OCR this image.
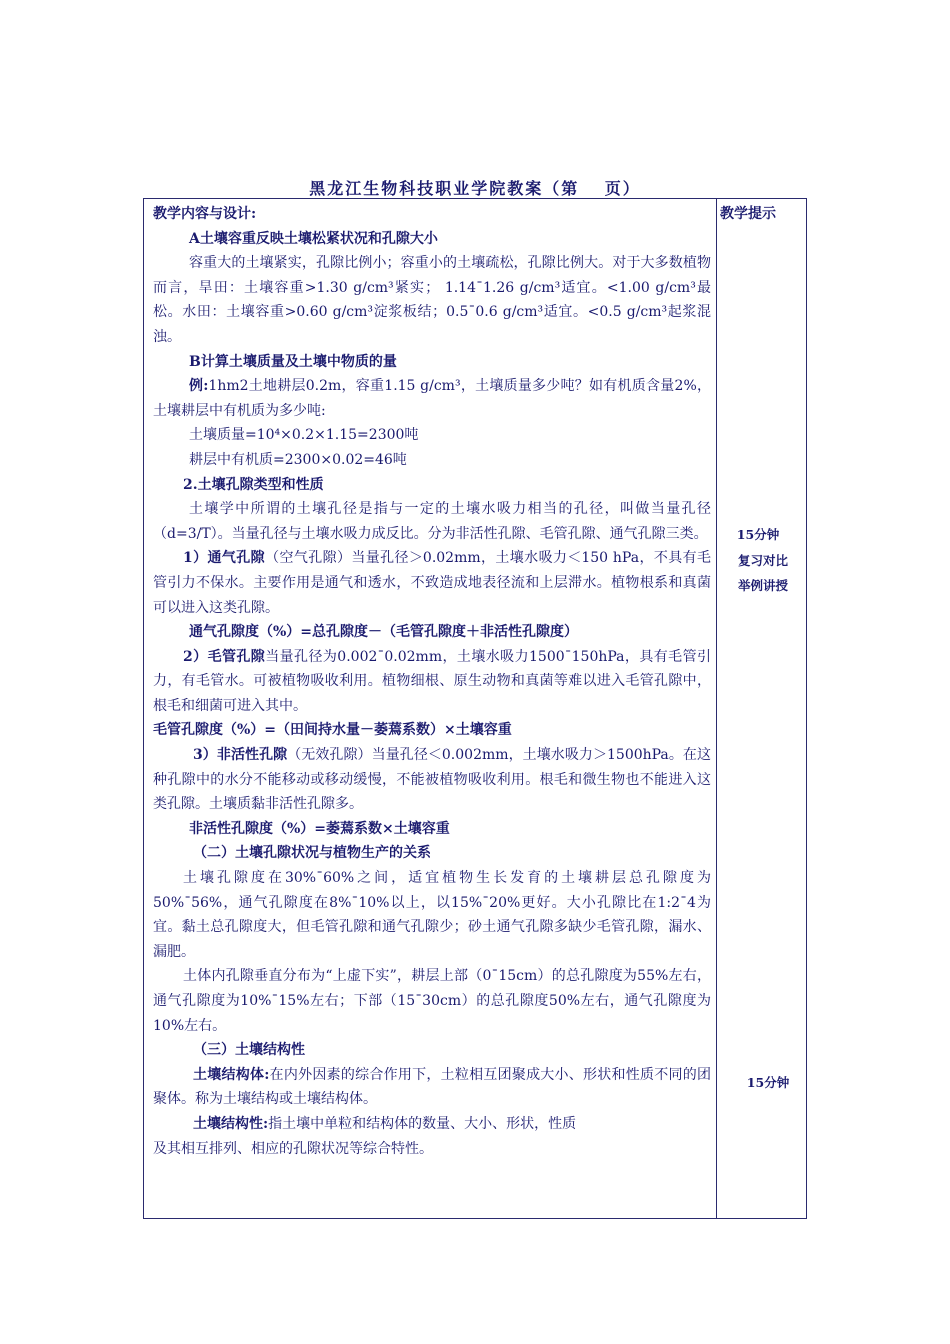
黑龙江生物科技职业学院教案（第　 页）
教学提示
15分钟
复习对比
举例讲授
15分钟

教学内容与设计:

A土壤容重反映土壤松紧状况和孔隙大小

容重大的土壤紧实，孔隙比例小；容重小的土壤疏松，孔隙比例大。对于大多数植物而言，旱田：土壤容重>1.30 g/cm³紧实； 1.14¯1.26 g/cm³适宜。<1.00 g/cm³最松。水田：土壤容重>0.60 g/cm³淀浆板结；0.5¯0.6 g/cm³适宜。<0.5 g/cm³起浆混浊。

B计算土壤质量及土壤中物质的量

例:1hm2土地耕层0.2m，容重1.15 g/cm³，土壤质量多少吨？如有机质含量2%，土壤耕层中有机质为多少吨:

土壤质量=10⁴×0.2×1.15=2300吨

耕层中有机质=2300×0.02=46吨

2.土壤孔隙类型和性质

土壤学中所谓的土壤孔径是指与一定的土壤水吸力相当的孔径，叫做当量孔径（d=3/T）。当量孔径与土壤水吸力成反比。分为非活性孔隙、毛管孔隙、通气孔隙三类。

1）通气孔隙（空气孔隙）当量孔径＞0.02mm，土壤水吸力＜150 hPa，不具有毛管引力不保水。主要作用是通气和透水，不致造成地表径流和上层滞水。植物根系和真菌可以进入这类孔隙。

通气孔隙度（%）=总孔隙度－（毛管孔隙度＋非活性孔隙度）

2）毛管孔隙当量孔径为0.002¯0.02mm，土壤水吸力1500¯150hPa，具有毛管引力，有毛管水。可被植物吸收利用。植物细根、原生动物和真菌等难以进入毛管孔隙中，根毛和细菌可进入其中。

毛管孔隙度（%）=（田间持水量－萎蔫系数）×土壤容重

3）非活性孔隙（无效孔隙）当量孔径＜0.002mm，土壤水吸力＞1500hPa。在这种孔隙中的水分不能移动或移动缓慢，不能被植物吸收利用。根毛和微生物也不能进入这类孔隙。土壤质黏非活性孔隙多。

非活性孔隙度（%）=萎蔫系数×土壤容重

（二）土壤孔隙状况与植物生产的关系

土壤孔隙度在30%¯60%之间，适宜植物生长发育的土壤耕层总孔隙度为50%¯56%，通气孔隙度在8%¯10%以上，以15%¯20%更好。大小孔隙比在1:2¯4为宜。黏土总孔隙度大，但毛管孔隙和通气孔隙少；砂土通气孔隙多缺少毛管孔隙，漏水、漏肥。

土体内孔隙垂直分布为“上虚下实”，耕层上部（0¯15cm）的总孔隙度为55%左右，通气孔隙度为10%¯15%左右；下部（15¯30cm）的总孔隙度50%左右，通气孔隙度为10%左右。

（三）土壤结构性

土壤结构体:在内外因素的综合作用下，土粒相互团聚成大小、形状和性质不同的团聚体。称为土壤结构或土壤结构体。

土壤结构性:指土壤中单粒和结构体的数量、大小、形状，性质

及其相互排列、相应的孔隙状况等综合特性。
